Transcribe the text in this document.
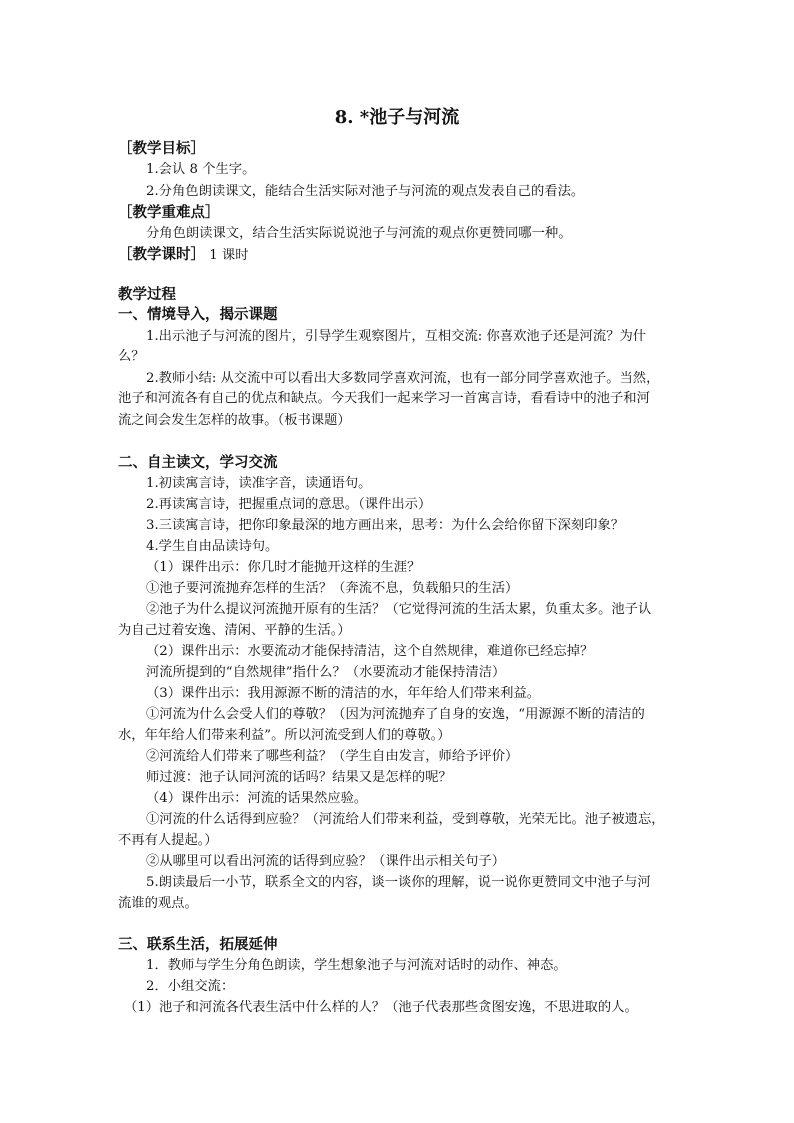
8. *池子与河流
［教学目标］
1.会认 8 个生字。
2.分角色朗读课文，能结合生活实际对池子与河流的观点发表自己的看法。
［教学重难点］
分角色朗读课文，结合生活实际说说池子与河流的观点你更赞同哪一种。
［教学课时］ 1 课时
教学过程
一、情境导入，揭示课题
1.出示池子与河流的图片，引导学生观察图片，互相交流: 你喜欢池子还是河流？为什
么？
2.教师小结: 从交流中可以看出大多数同学喜欢河流，也有一部分同学喜欢池子。当然，
池子和河流各有自己的优点和缺点。今天我们一起来学习一首寓言诗，看看诗中的池子和河
流之间会发生怎样的故事。（板书课题）
二、自主读文，学习交流
1.初读寓言诗，读准字音，读通语句。
2.再读寓言诗，把握重点词的意思。（课件出示）
3.三读寓言诗，把你印象最深的地方画出来，思考：为什么会给你留下深刻印象？
4.学生自由品读诗句。
（1）课件出示：你几时才能抛开这样的生涯？
①池子要河流抛弃怎样的生活？（奔流不息，负载船只的生活）
②池子为什么提议河流抛开原有的生活？（它觉得河流的生活太累，负重太多。池子认
为自己过着安逸、清闲、平静的生活。）
（2）课件出示：水要流动才能保持清洁，这个自然规律，难道你已经忘掉？
河流所提到的“自然规律”指什么？（水要流动才能保持清洁）
（3）课件出示：我用源源不断的清洁的水，年年给人们带来利益。
①河流为什么会受人们的尊敬？（因为河流抛弃了自身的安逸，“用源源不断的清洁的
水，年年给人们带来利益”。所以河流受到人们的尊敬。）
②河流给人们带来了哪些利益？（学生自由发言，师给予评价）
师过渡：池子认同河流的话吗？结果又是怎样的呢？
（4）课件出示：河流的话果然应验。
①河流的什么话得到应验？（河流给人们带来利益，受到尊敬，光荣无比。池子被遗忘，
不再有人提起。）
②从哪里可以看出河流的话得到应验？（课件出示相关句子）
5.朗读最后一小节，联系全文的内容，谈一谈你的理解，说一说你更赞同文中池子与河
流谁的观点。
三、联系生活，拓展延伸
1．教师与学生分角色朗读，学生想象池子与河流对话时的动作、神态。
2．小组交流：
（1）池子和河流各代表生活中什么样的人？（池子代表那些贪图安逸，不思进取的人。
